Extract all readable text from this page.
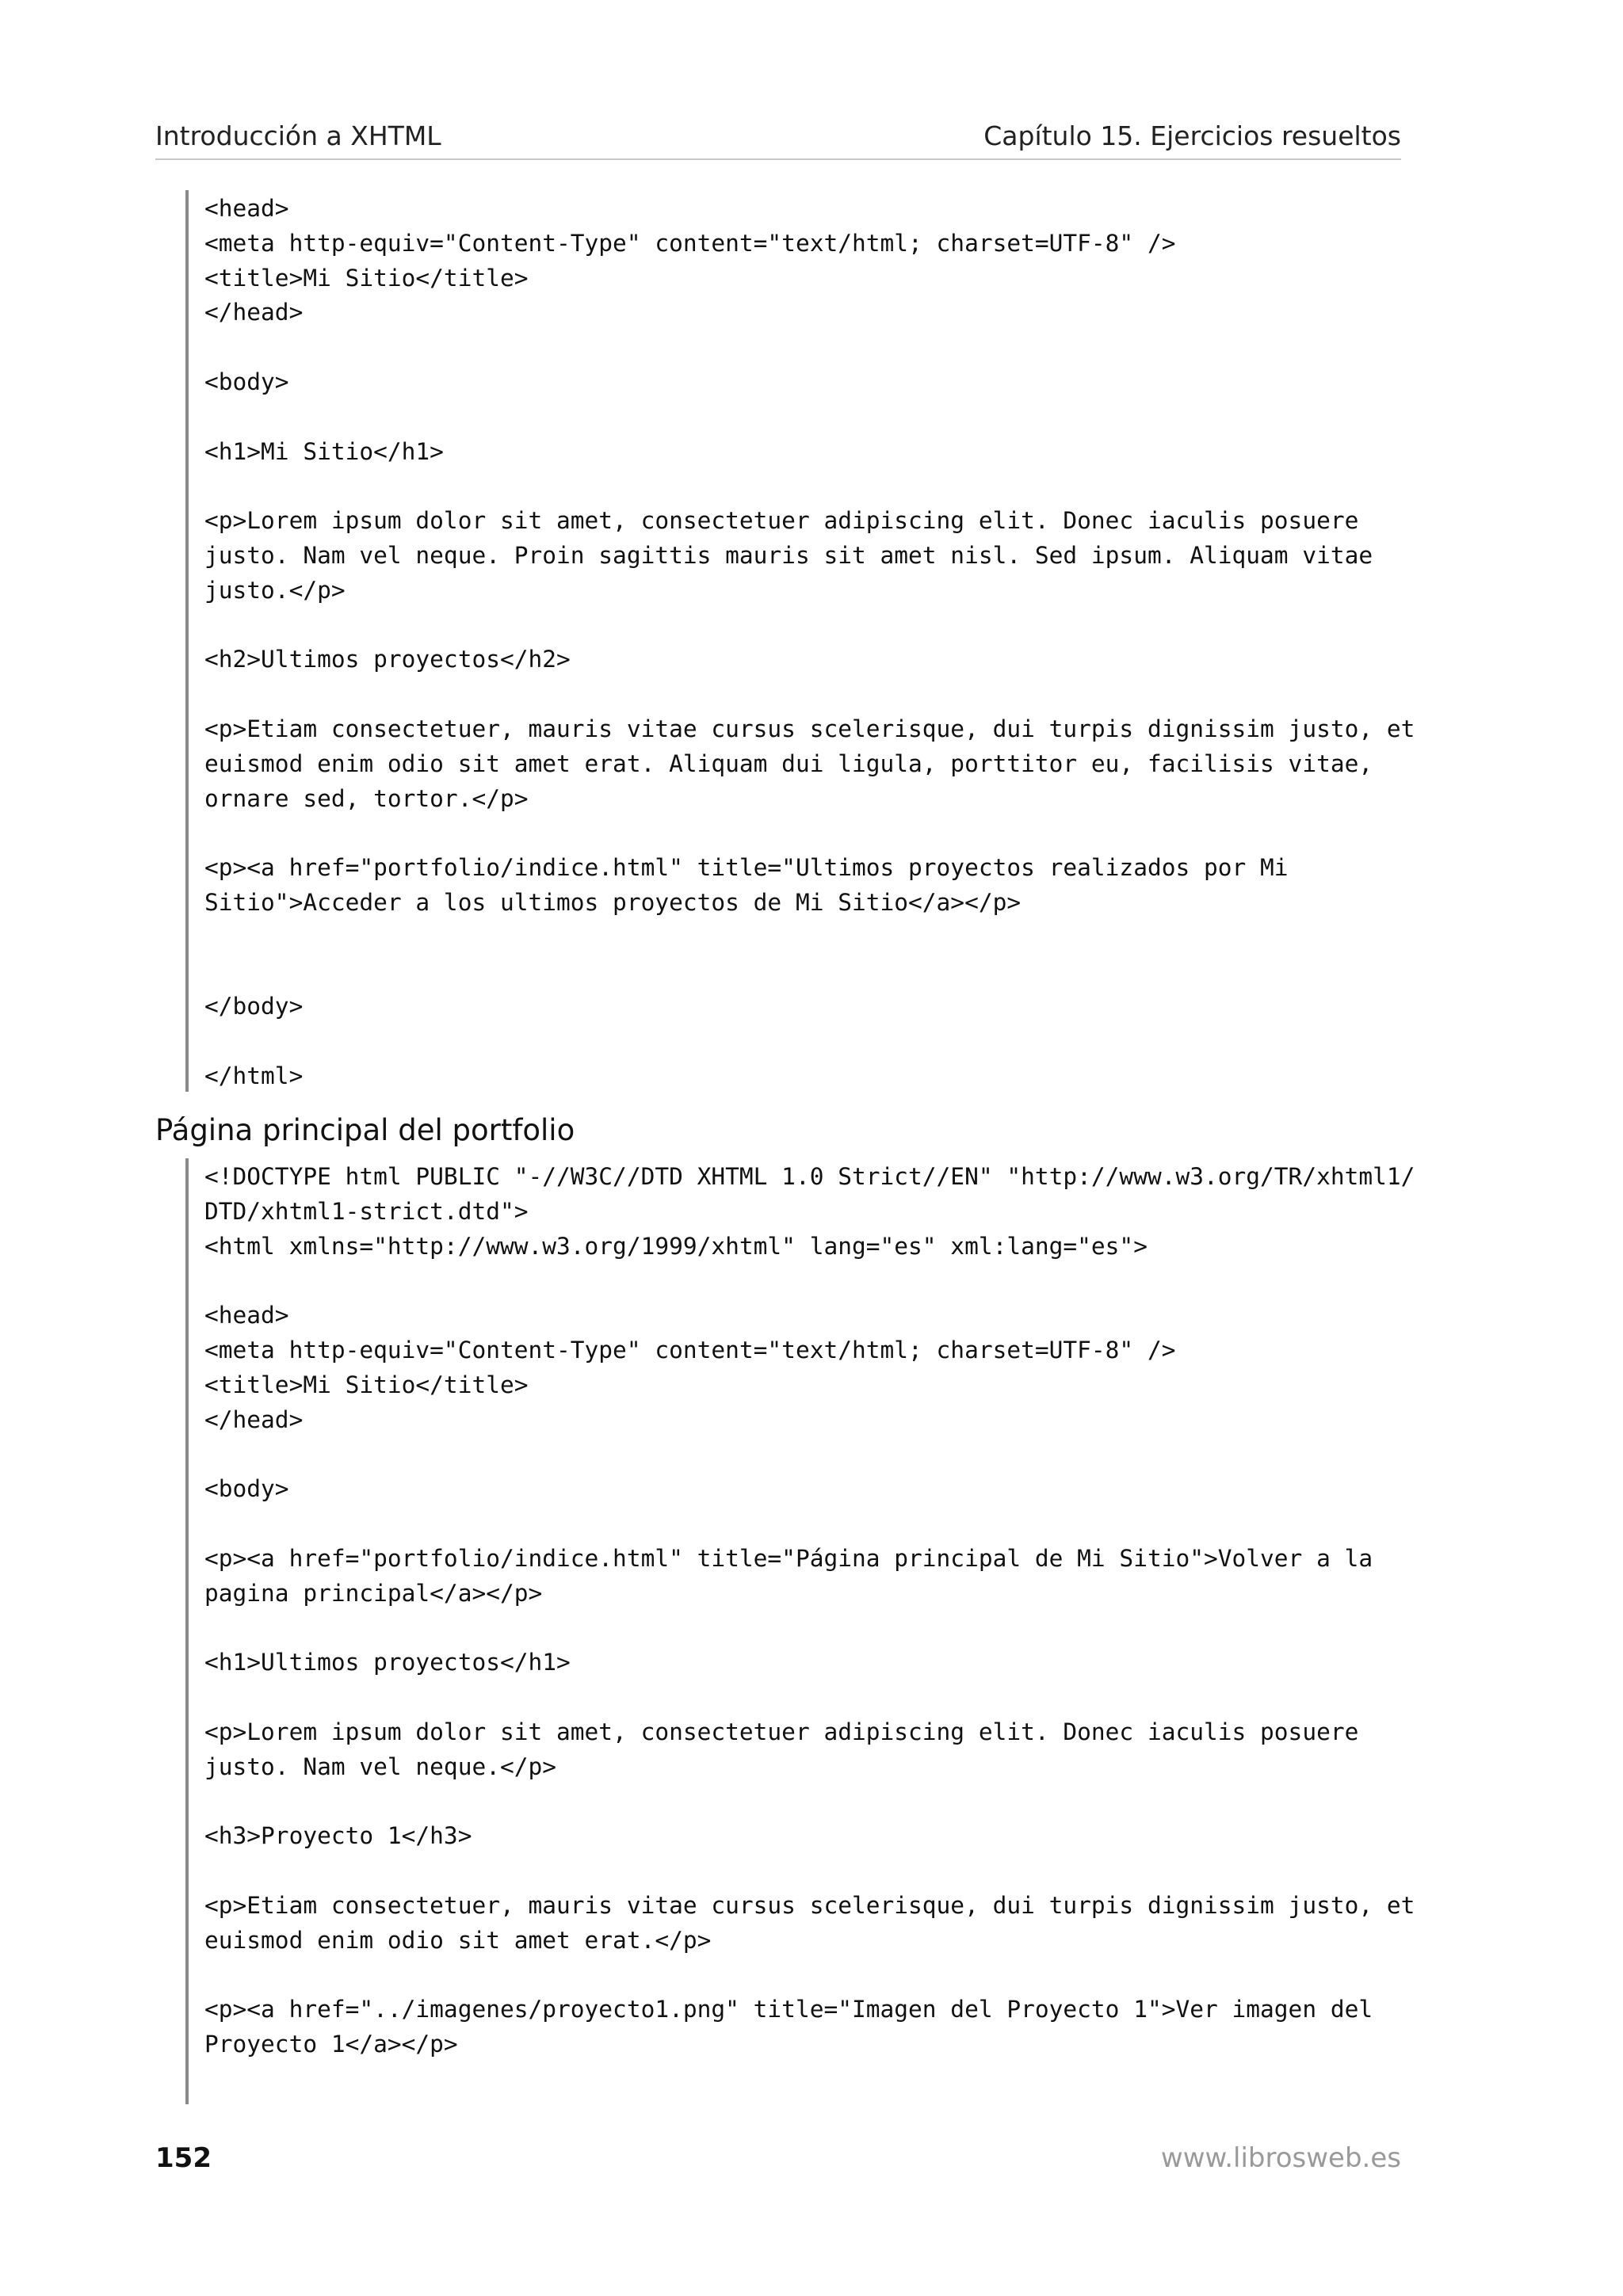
Introducción a XHTML	Capítulo 15. Ejercicios resueltos
<head>
<meta http-equiv="Content-Type" content="text/html; charset=UTF-8" />
<title>Mi Sitio</title>
</head>

<body>

<h1>Mi Sitio</h1>

<p>Lorem ipsum dolor sit amet, consectetuer adipiscing elit. Donec iaculis posuere
justo. Nam vel neque. Proin sagittis mauris sit amet nisl. Sed ipsum. Aliquam vitae
justo.</p>

<h2>Ultimos proyectos</h2>

<p>Etiam consectetuer, mauris vitae cursus scelerisque, dui turpis dignissim justo, et
euismod enim odio sit amet erat. Aliquam dui ligula, porttitor eu, facilisis vitae,
ornare sed, tortor.</p>

<p><a href="portfolio/indice.html" title="Ultimos proyectos realizados por Mi
Sitio">Acceder a los ultimos proyectos de Mi Sitio</a></p>

</body>

</html>
Página principal del portfolio
<!DOCTYPE html PUBLIC "-//W3C//DTD XHTML 1.0 Strict//EN" "http://www.w3.org/TR/xhtml1/
DTD/xhtml1-strict.dtd">
<html xmlns="http://www.w3.org/1999/xhtml" lang="es" xml:lang="es">

<head>
<meta http-equiv="Content-Type" content="text/html; charset=UTF-8" />
<title>Mi Sitio</title>
</head>

<body>

<p><a href="portfolio/indice.html" title="Página principal de Mi Sitio">Volver a la
pagina principal</a></p>

<h1>Ultimos proyectos</h1>

<p>Lorem ipsum dolor sit amet, consectetuer adipiscing elit. Donec iaculis posuere
justo. Nam vel neque.</p>

<h3>Proyecto 1</h3>

<p>Etiam consectetuer, mauris vitae cursus scelerisque, dui turpis dignissim justo, et
euismod enim odio sit amet erat.</p>

<p><a href="../imagenes/proyecto1.png" title="Imagen del Proyecto 1">Ver imagen del
Proyecto 1</a></p>
152	www.librosweb.es
